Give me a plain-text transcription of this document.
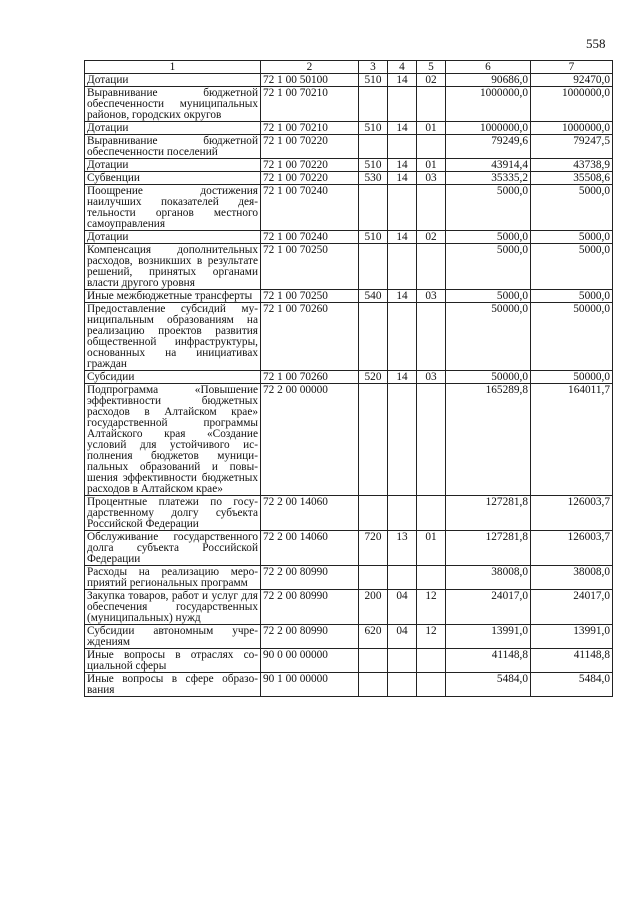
558
1	2	3	4	5	6	7
Дотации	72 1 00 50100	510	14	02	90686,0	92470,0
Выравнивание бюджетной обеспеченности муниципальных районов, городских округов	72 1 00 70210				1000000,0	1000000,0
Дотации	72 1 00 70210	510	14	01	1000000,0	1000000,0
Выравнивание бюджетной обеспеченности поселений	72 1 00 70220				79249,6	79247,5
Дотации	72 1 00 70220	510	14	01	43914,4	43738,9
Субвенции	72 1 00 70220	530	14	03	35335,2	35508,6
Поощрение достижения наилучших показателей деятельности органов местного самоуправления	72 1 00 70240				5000,0	5000,0
Дотации	72 1 00 70240	510	14	02	5000,0	5000,0
Компенсация дополнительных расходов, возникших в результате решений, принятых органами власти другого уровня	72 1 00 70250				5000,0	5000,0
Иные межбюджетные трансферты	72 1 00 70250	540	14	03	5000,0	5000,0
Предоставление субсидий муниципальным образованиям на реализацию проектов развития общественной инфраструктуры, основанных на инициативах граждан	72 1 00 70260				50000,0	50000,0
Субсидии	72 1 00 70260	520	14	03	50000,0	50000,0
Подпрограмма «Повышение эффективности бюджетных расходов в Алтайском крае» государственной программы Алтайского края «Создание условий для устойчивого исполнения бюджетов муниципальных образований и повышения эффективности бюджетных расходов в Алтайском крае»	72 2 00 00000				165289,8	164011,7
Процентные платежи по государственному долгу субъекта Российской Федерации	72 2 00 14060				127281,8	126003,7
Обслуживание государственного долга субъекта Российской Федерации	72 2 00 14060	720	13	01	127281,8	126003,7
Расходы на реализацию мероприятий региональных программ	72 2 00 80990				38008,0	38008,0
Закупка товаров, работ и услуг для обеспечения государственных (муниципальных) нужд	72 2 00 80990	200	04	12	24017,0	24017,0
Субсидии автономным учреждениям	72 2 00 80990	620	04	12	13991,0	13991,0
Иные вопросы в отраслях социальной сферы	90 0 00 00000				41148,8	41148,8
Иные вопросы в сфере образования	90 1 00 00000				5484,0	5484,0
